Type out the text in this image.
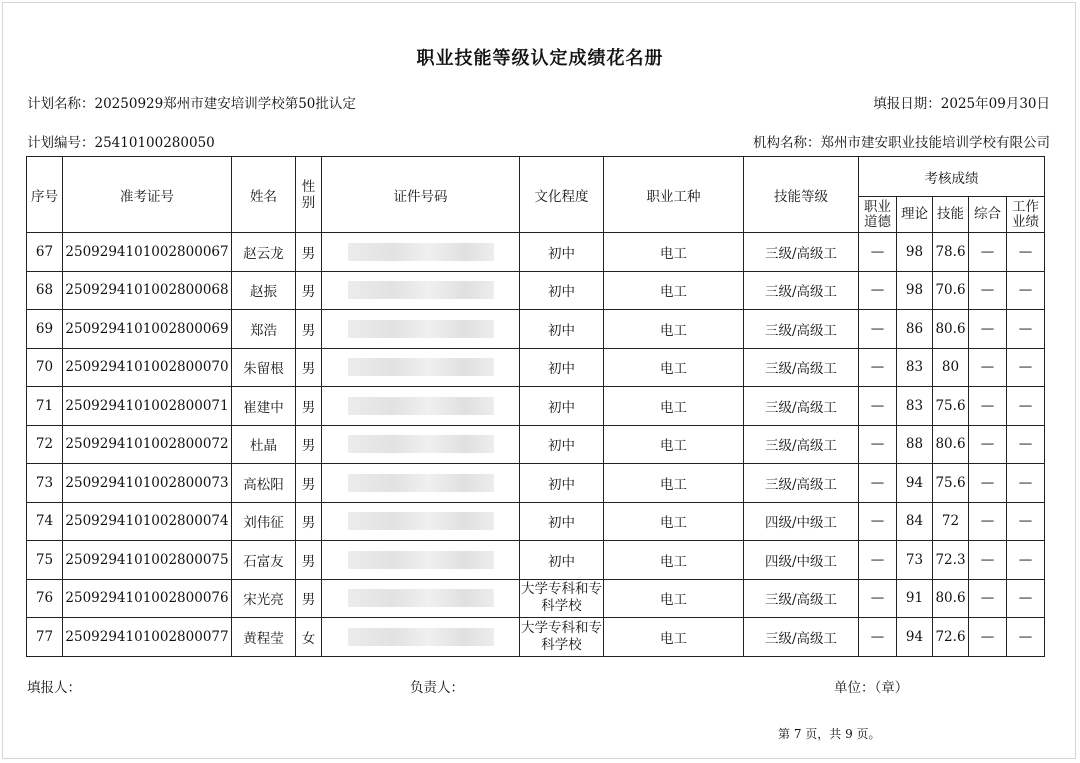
职业技能等级认定成绩花名册
计划名称：20250929郑州市建安培训学校第50批认定	填报日期：2025年09月30日
计划编号：25410100280050	机构名称：郑州市建安职业技能培训学校有限公司
序号	准考证号	姓名	性别	证件号码	文化程度	职业工种	技能等级	考核成绩				
								职业道德	理论	技能	综合	工作业绩
67	2509294101002800067	赵云龙	男		初中	电工	三级/高级工	—	98	78.6	—	—
68	2509294101002800068	赵振	男		初中	电工	三级/高级工	—	98	70.6	—	—
69	2509294101002800069	郑浩	男		初中	电工	三级/高级工	—	86	80.6	—	—
70	2509294101002800070	朱留根	男		初中	电工	三级/高级工	—	83	80	—	—
71	2509294101002800071	崔建中	男		初中	电工	三级/高级工	—	83	75.6	—	—
72	2509294101002800072	杜晶	男		初中	电工	三级/高级工	—	88	80.6	—	—
73	2509294101002800073	高松阳	男		初中	电工	三级/高级工	—	94	75.6	—	—
74	2509294101002800074	刘伟征	男		初中	电工	四级/中级工	—	84	72	—	—
75	2509294101002800075	石富友	男		初中	电工	四级/中级工	—	73	72.3	—	—
76	2509294101002800076	宋光亮	男		大学专科和专科学校	电工	三级/高级工	—	91	80.6	—	—
77	2509294101002800077	黄程莹	女		大学专科和专科学校	电工	三级/高级工	—	94	72.6	—	—
填报人：	负责人：	单位：（章）
第 7 页，共 9 页。
